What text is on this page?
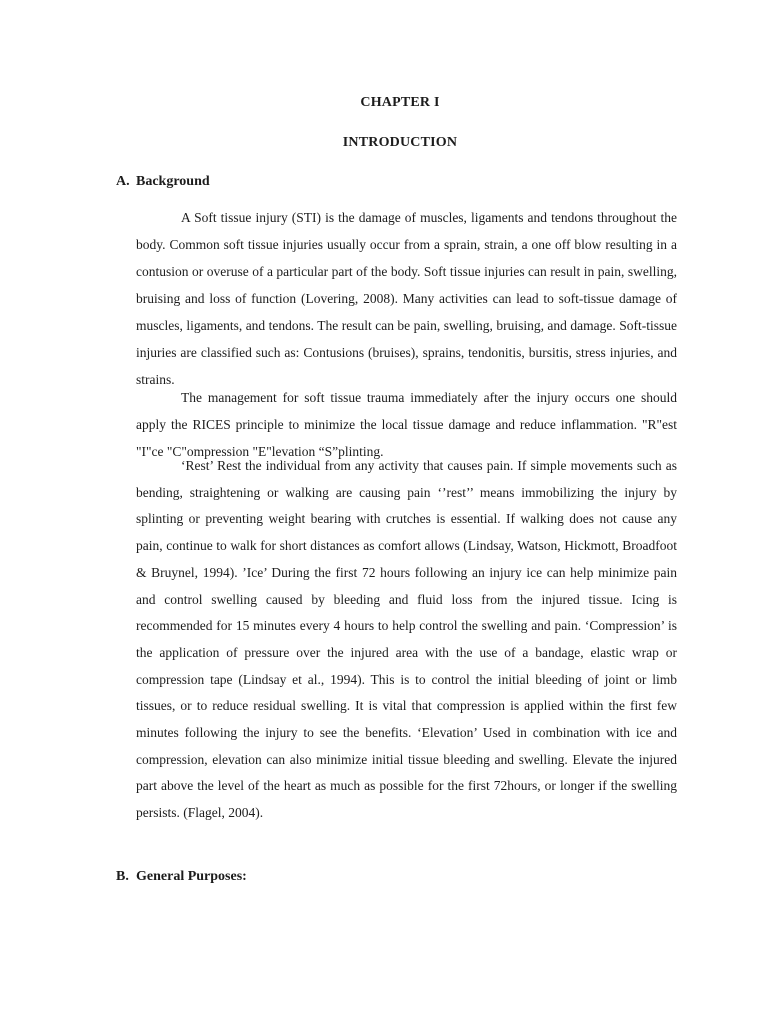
CHAPTER I
INTRODUCTION
A. Background

A Soft tissue injury (STI) is the damage of muscles, ligaments and tendons throughout the body. Common soft tissue injuries usually occur from a sprain, strain, a one off blow resulting in a contusion or overuse of a particular part of the body. Soft tissue injuries can result in pain, swelling, bruising and loss of function (Lovering, 2008). Many activities can lead to soft-tissue damage of muscles, ligaments, and tendons. The result can be pain, swelling, bruising, and damage. Soft-tissue injuries are classified such as: Contusions (bruises), sprains, tendonitis, bursitis, stress injuries, and strains.

The management for soft tissue trauma immediately after the injury occurs one should apply the RICES principle to minimize the local tissue damage and reduce inflammation. "R"est "I"ce "C"ompression "E"levation “S”plinting.

‘Rest’ Rest the individual from any activity that causes pain. If simple movements such as bending, straightening or walking are causing pain ‘’rest’’ means immobilizing the injury by splinting or preventing weight bearing with crutches is essential. If walking does not cause any pain, continue to walk for short distances as comfort allows (Lindsay, Watson, Hickmott, Broadfoot & Bruynel, 1994). ’Ice’ During the first 72 hours following an injury ice can help minimize pain and control swelling caused by bleeding and fluid loss from the injured tissue. Icing is recommended for 15 minutes every 4 hours to help control the swelling and pain. ‘Compression’ is the application of pressure over the injured area with the use of a bandage, elastic wrap or compression tape (Lindsay et al., 1994). This is to control the initial bleeding of joint or limb tissues, or to reduce residual swelling. It is vital that compression is applied within the first few minutes following the injury to see the benefits. ‘Elevation’ Used in combination with ice and compression, elevation can also minimize initial tissue bleeding and swelling. Elevate the injured part above the level of the heart as much as possible for the first 72hours, or longer if the swelling persists. (Flagel, 2004).

B. General Purposes:
